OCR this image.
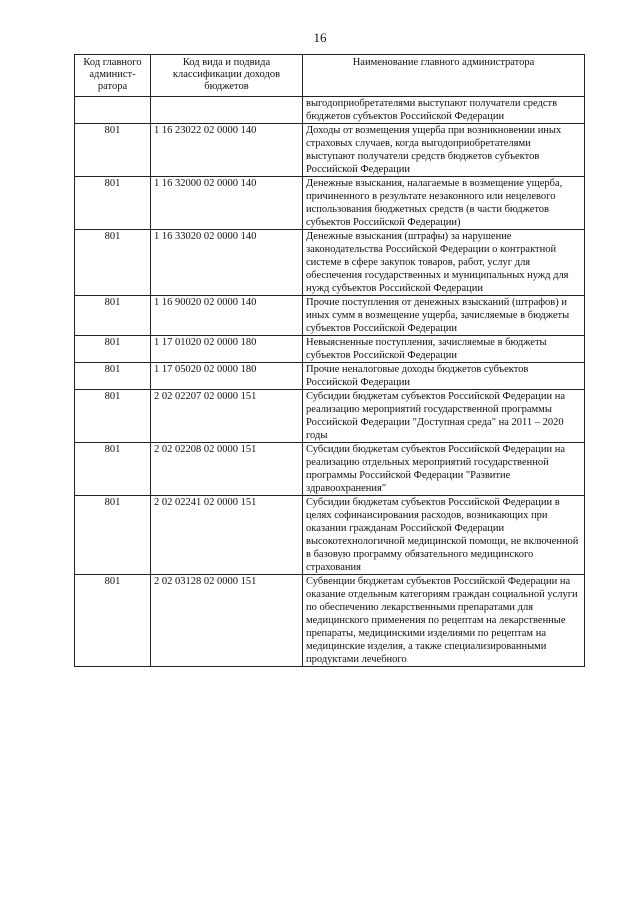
16
Код главного админист-ратора	Код вида и подвида классификации доходов бюджетов	Наименование главного администратора
		выгодоприобретателями выступают получатели средств бюджетов субъектов Российской Федерации
801	1 16 23022 02 0000 140	Доходы от возмещения ущерба при возникновении иных страховых случаев, когда выгодоприобретателями выступают получатели средств бюджетов субъектов Российской Федерации
801	1 16 32000 02 0000 140	Денежные взыскания, налагаемые в возмещение ущерба, причиненного в результате незаконного или нецелевого использования бюджетных средств (в части бюджетов субъектов Российской Федерации)
801	1 16 33020 02 0000 140	Денежные взыскания (штрафы) за нарушение законодательства Российской Федерации о контрактной системе в сфере закупок товаров, работ, услуг для обеспечения государственных и муниципальных нужд для нужд субъектов Российской Федерации
801	1 16 90020 02 0000 140	Прочие поступления от денежных взысканий (штрафов) и иных сумм в возмещение ущерба, зачисляемые в бюджеты субъектов Российской Федерации
801	1 17 01020 02 0000 180	Невыясненные поступления, зачисляемые в бюджеты субъектов Российской Федерации
801	1 17 05020 02 0000 180	Прочие неналоговые доходы бюджетов субъектов Российской Федерации
801	2 02 02207 02 0000 151	Субсидии бюджетам субъектов Российской Федерации на реализацию мероприятий государственной программы Российской Федерации "Доступная среда" на 2011 – 2020 годы
801	2 02 02208 02 0000 151	Субсидии бюджетам субъектов Российской Федерации на реализацию отдельных мероприятий государственной программы Российской Федерации "Развитие здравоохранения"
801	2 02 02241 02 0000 151	Субсидии бюджетам субъектов Российской Федерации в целях софинансирования расходов, возникающих при оказании гражданам Российской Федерации высокотехнологичной медицинской помощи, не включенной в базовую программу обязательного медицинского страхования
801	2 02 03128 02 0000 151	Субвенции бюджетам субъектов Российской Федерации на оказание отдельным категориям граждан социальной услуги по обеспечению лекарственными препаратами для медицинского применения по рецептам на лекарственные препараты, медицинскими изделиями по рецептам на медицинские изделия, а также специализированными продуктами лечебного
